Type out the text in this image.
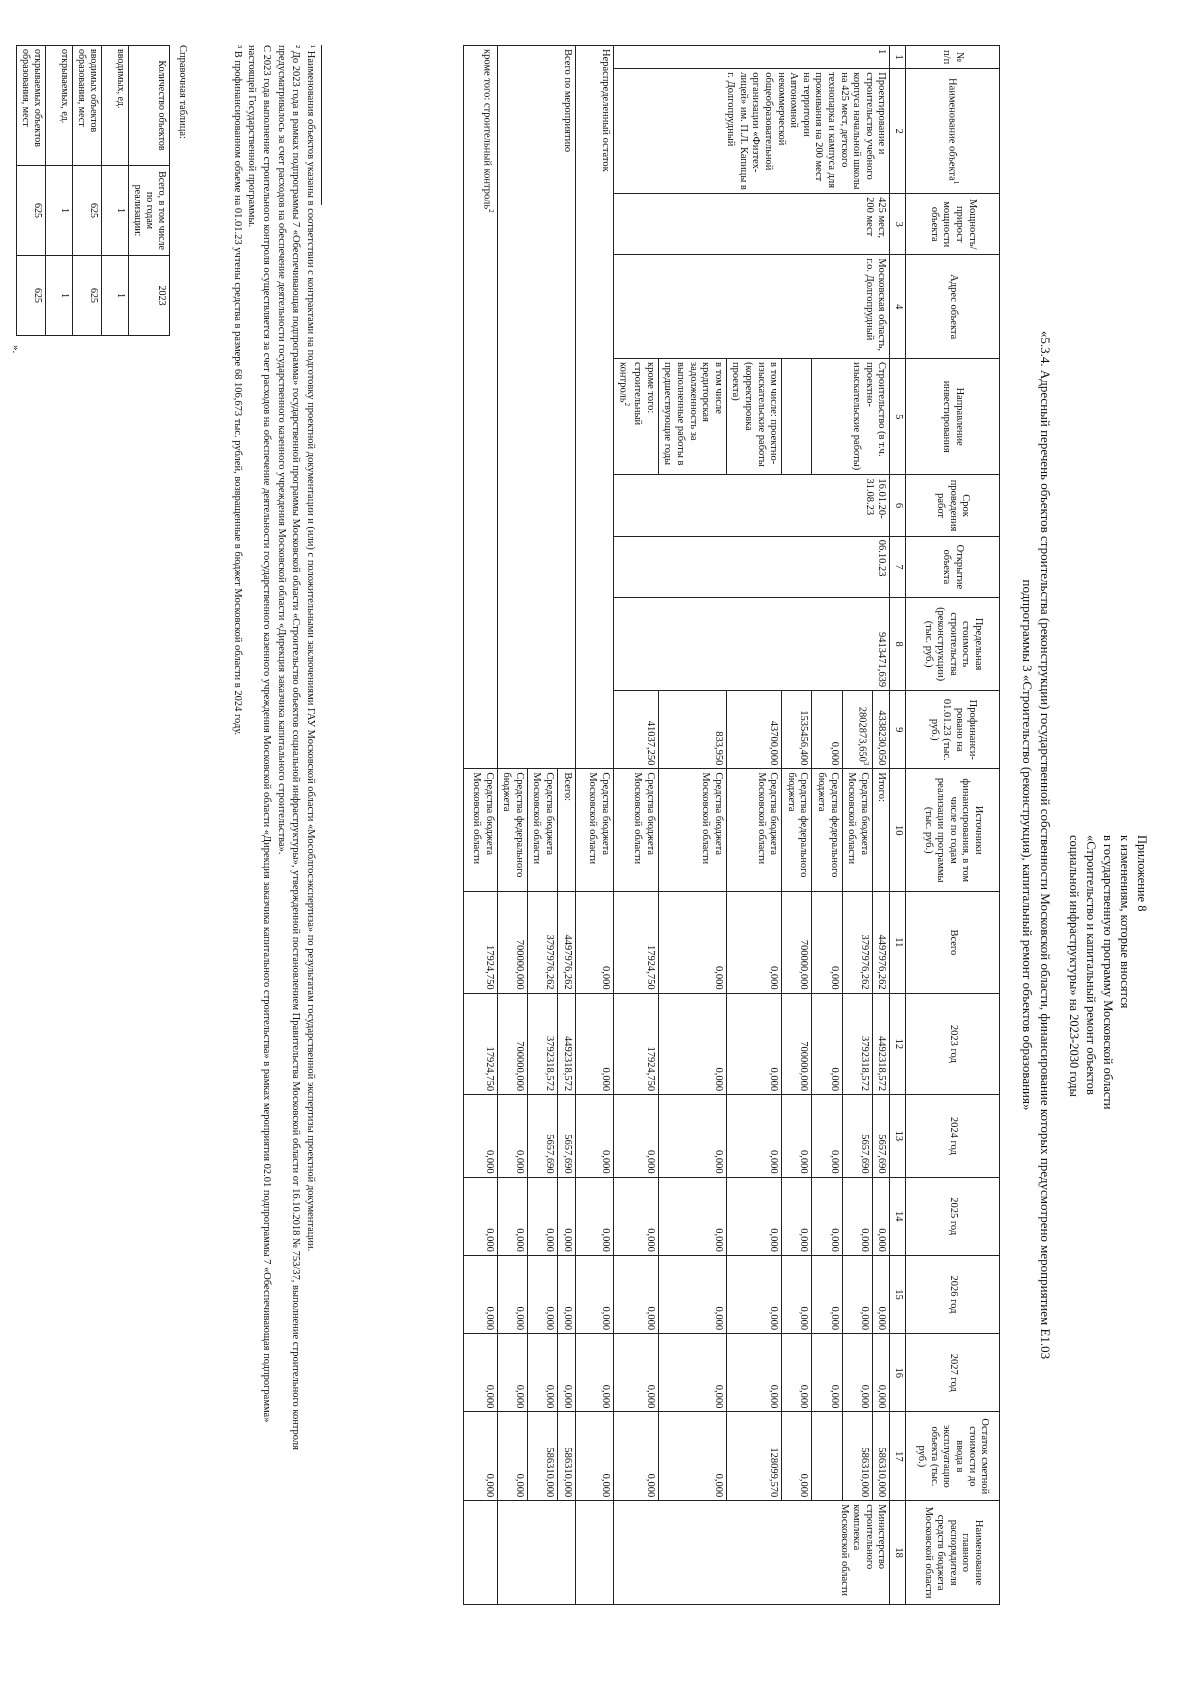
Приложение 8
к изменениям, которые вносятся
в государственную программу Московской области
«Строительство и капитальный ремонт объектов
социальной инфраструктуры» на 2023-2030 годы
«5.3.4. Адресный перечень объектов строительства (реконструкции) государственной собственности Московской области, финансирование которых предусмотрено мероприятием Е1.03
подпрограммы 3 «Строительство (реконструкция), капитальный ремонт объектов образования»
№ п/п	Наименование объекта$^1$	Мощность/ прирост мощности объекта	Адрес объекта	Направление инвестирования	Срок проведения работ	Открытие объекта	Предельная стоимость строительства (реконструкции) (тыс. руб.)	Профинанси-ровано на 01.01.23 (тыс. руб.)	Источники финансирования, в том числе по годам реализации программы (тыс. руб.)	Всего	2023 год	2024 год	2025 год	2026 год	2027 год	Остаток сметной стоимости до ввода в эксплуатацию объекта (тыс. руб.)	Наименование главного распорядителя средств бюджета Московской области
1	2	3	4	5	6	7	8	9	10	11	12	13	14	15	16	17	18
1	Проектирование и строительство учебного корпуса начальной школы на 425 мест, детского технопарка и кампуса для проживания на 200 мест на территории Автономной некоммерческой общеобразовательной организации «Физтех-лицей» им. П.Л. Капицы в г. Долгопрудный	425 мест, 200 мест	Московская область, г.о. Долгопрудный	Строительство (в т.ч. проектно-изыскательские работы)	16.01.20-31.08.23	06.10.23	9413471,639	4338230,050	Итого:	4497976,262	4492318,572	5657,690	0,000	0,000	0,000	586310,000	Министерство строительного комплекса Московской области
								2802873,650$^3$	Средства бюджета Московской области	3797976,262	3792318,572	5657,690	0,000	0,000	0,000	586310,000	
								0,000	Средства федерального бюджета	0,000	0,000	0,000	0,000	0,000	0,000		
								1535456,400	Средства федерального бюджета	700000,000	700000,000	0,000	0,000	0,000	0,000	0,000	
				в том числе: проектно-изыскательские работы (корректировка проекта)				43700,000	Средства бюджета Московской области	0,000	0,000	0,000	0,000	0,000	0,000	128099,570	
				в том числе кредиторская задолженность за выполненные работы в предшествующие годы				833,950	Средства бюджета Московской области	0,000	0,000	0,000	0,000	0,000	0,000	0,000	
				кроме того: строительный контроль$^2$				41037,250	Средства бюджета Московской области	17924,750	17924,750	0,000	0,000	0,000	0,000	0,000	
Нераспределенный остаток									Средства бюджета Московской области	0,000	0,000	0,000	0,000	0,000	0,000	0,000	
Всего по мероприятию									Всего:	4497976,262	4492318,572	5657,690	0,000	0,000	0,000	586310,000	
									Средства бюджета Московской области	3797976,262	3792318,572	5657,690	0,000	0,000	0,000	586310,000	
									Средства федерального бюджета	700000,000	700000,000	0,000	0,000	0,000	0,000	0,000	
кроме того: строительный контроль$^2$									Средства бюджета Московской области	17924,750	17924,750	0,000	0,000	0,000	0,000	0,000	
¹ Наименования объектов указаны в соответствии с контрактами на подготовку проектной документации и (или) с положительными заключениями ГАУ Московской области «Мособлгосэкспертиза» по результатам государственной экспертизы проектной документации.
² До 2023 года в рамках подпрограммы 7 «Обеспечивающая подпрограмма» государственной программы Московской области «Строительство объектов социальной инфраструктуры», утвержденной постановлением Правительства Московской области от 16.10.2018 № 753/37, выполнение строительного контроля
предусматривалось за счет расходов на обеспечение деятельности государственного казенного учреждения Московской области «Дирекция заказчика капитального строительства».
С 2023 года выполнение строительного контроля осуществляется за счет расходов на обеспечение деятельности государственного казенного учреждения Московской области «Дирекция заказчика капитального строительства» в рамках мероприятия 02.01 подпрограммы 7 «Обеспечивающая подпрограмма»
настоящей Государственной программы.
³ В профинансированном объеме на 01.01.23 учтены средства в размере 68 106,673 тыс. рублей, возвращенные в бюджет Московской области в 2024 году.
Справочная таблица:
Количество объектов	Всего, в том числе по годам реализации:	2023
вводимых, ед.	1	1
вводимых объектов образования, мест	625	625
открываемых, ед.	1	1
открываемых объектов образования, мест	625	625
».
